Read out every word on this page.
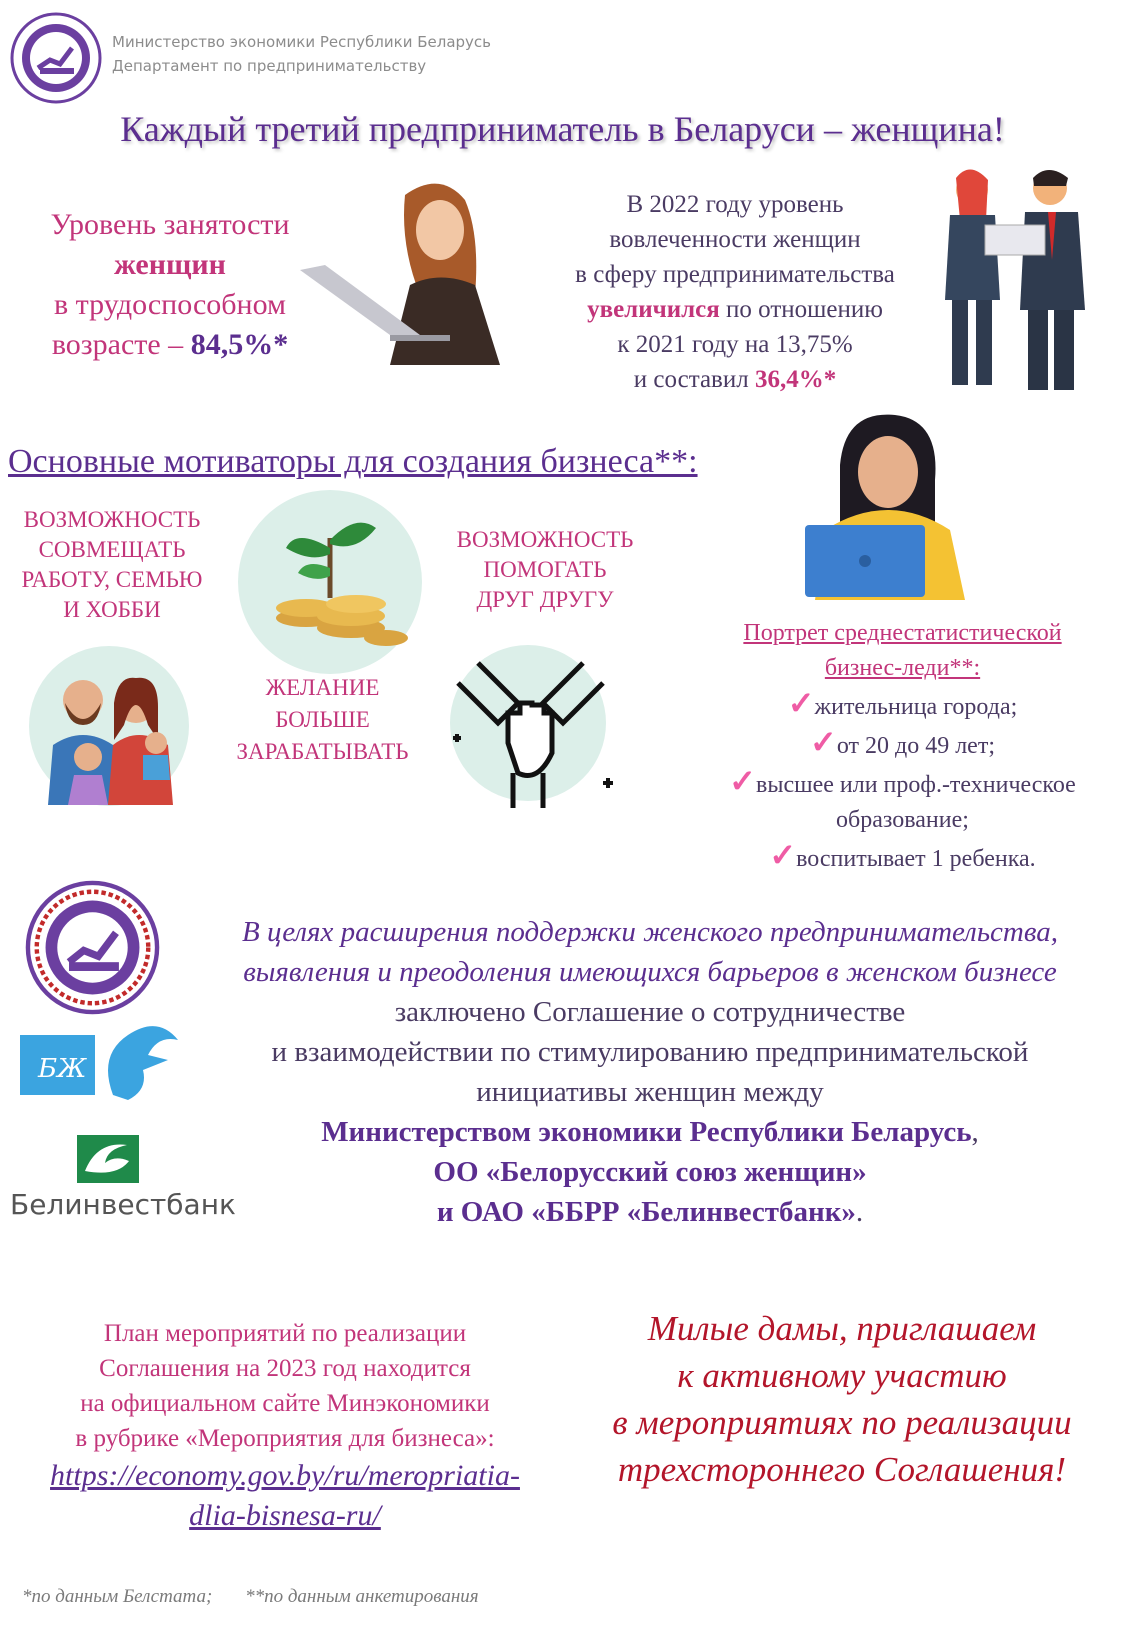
Министерство экономики Республики Беларусь
Департамент по предпринимательству
Каждый третий предприниматель в Беларуси – женщина!
Уровень занятости
женщин
в трудоспособном
возрасте – 84,5%*
В 2022 году уровень
вовлеченности женщин
в сферу предпринимательства
увеличился по отношению
к 2021 году на 13,75%
и составил 36,4%*
Основные мотиваторы для создания бизнеса**:
ВОЗМОЖНОСТЬ
СОВМЕЩАТЬ
РАБОТУ, СЕМЬЮ
И ХОББИ
ВОЗМОЖНОСТЬ
ПОМОГАТЬ
ДРУГ ДРУГУ
ЖЕЛАНИЕ
БОЛЬШЕ
ЗАРАБАТЫВАТЬ
Портрет среднестатистической
бизнес-леди**:
✓жительница города;
✓от 20 до 49 лет;
✓высшее или проф.-техническое
образование;
✓воспитывает 1 ребенка.
БЖ
Белинвестбанк
В целях расширения поддержки женского предпринимательства,
выявления и преодоления имеющихся барьеров в женском бизнесе
заключено Соглашение о сотрудничестве
и взаимодействии по стимулированию предпринимательской
инициативы женщин между
Министерством экономики Республики Беларусь,
ОО «Белорусский союз женщин»
и ОАО «ББРР «Белинвестбанк».
План мероприятий по реализации
Соглашения на 2023 год находится
на официальном сайте Минэкономики
в рубрике «Мероприятия для бизнеса»:
https://economy.gov.by/ru/meropriatia-
dlia-bisnesa-ru/
Милые дамы, приглашаем
к активному участию
в мероприятиях по реализации
трехстороннего Соглашения!
*по данным Белстата; **по данным анкетирования
